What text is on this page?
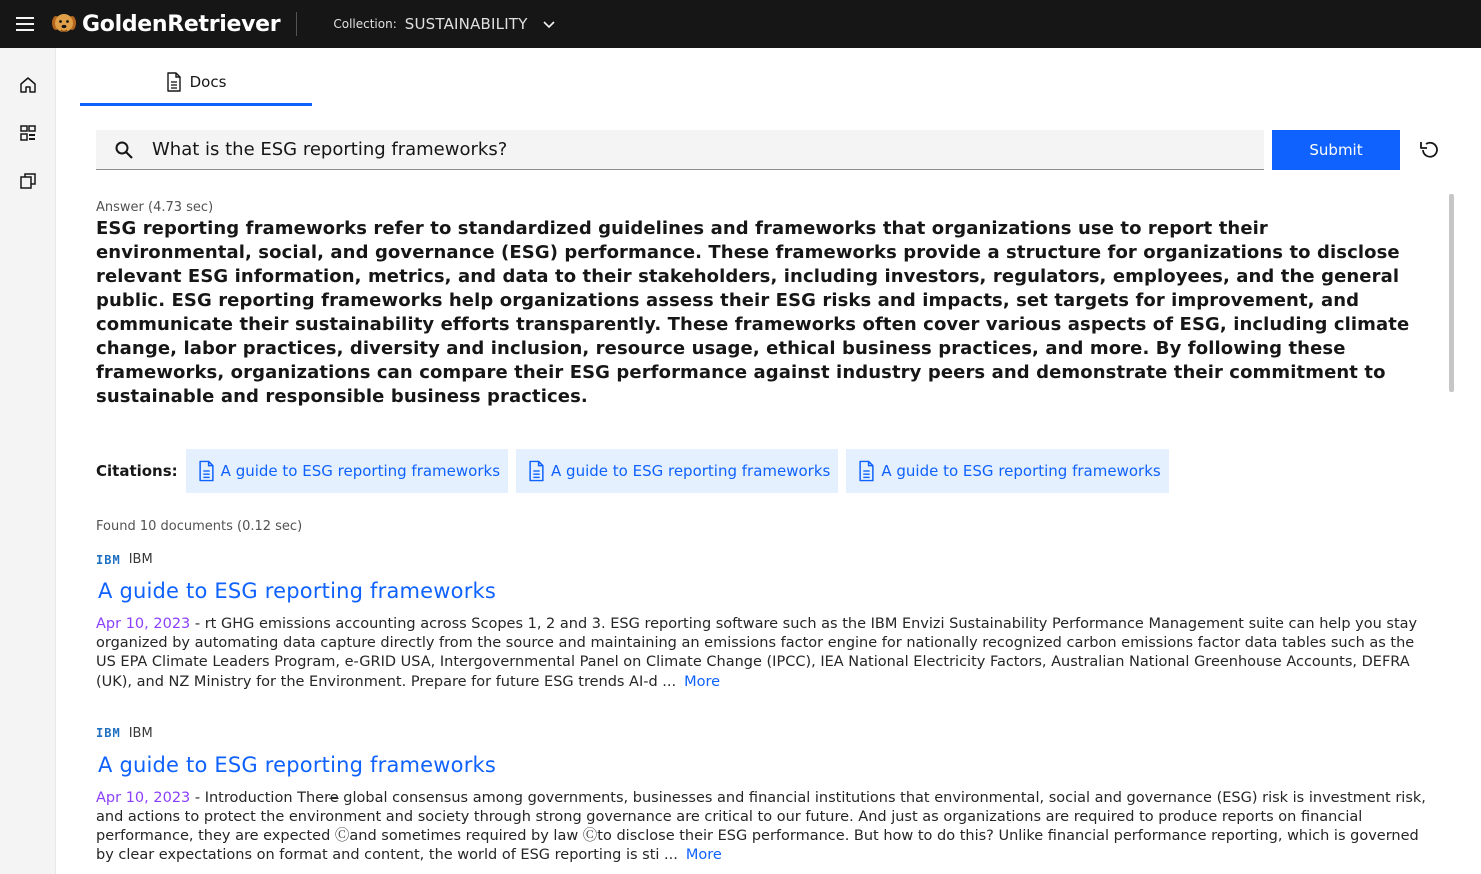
GoldenRetriever	Collection: SUSTAINABILITY
Docs
What is the ESG reporting frameworks?
Submit
Answer (4.73 sec)
ESG reporting frameworks refer to standardized guidelines and frameworks that organizations use to report their environmental, social, and governance (ESG) performance. These frameworks provide a structure for organizations to disclose relevant ESG information, metrics, and data to their stakeholders, including investors, regulators, employees, and the general public. ESG reporting frameworks help organizations assess their ESG risks and impacts, set targets for improvement, and communicate their sustainability efforts transparently. These frameworks often cover various aspects of ESG, including climate change, labor practices, diversity and inclusion, resource usage, ethical business practices, and more. By following these frameworks, organizations can compare their ESG performance against industry peers and demonstrate their commitment to sustainable and responsible business practices.
Citations:	A guide to ESG reporting frameworks	A guide to ESG reporting frameworks	A guide to ESG reporting frameworks
Found 10 documents (0.12 sec)
IBM IBM
A guide to ESG reporting frameworks
Apr 10, 2023 - rt GHG emissions accounting across Scopes 1, 2 and 3. ESG reporting software such as the IBM Envizi Sustainability Performance Management suite can help you stay organized by automating data capture directly from the source and maintaining an emissions factor engine for nationally recognized carbon emissions factor data tables such as the US EPA Climate Leaders Program, e-GRID USA, Intergovernmental Panel on Climate Change (IPCC), IEA National Electricity Factors, Australian National Greenhouse Accounts, DEFRA (UK), and NZ Ministry for the Environment. Prepare for future ESG trends AI-d ... More
IBM IBM
A guide to ESG reporting frameworks
Apr 10, 2023 - Introduction There̶ global consensus among governments, businesses and financial institutions that environmental, social and governance (ESG) risk is investment risk, and actions to protect the environment and society through strong governance are critical to our future. And just as organizations are required to produce reports on financial performance, they are expected Ⓒand sometimes required by law Ⓒto disclose their ESG performance. But how to do this? Unlike financial performance reporting, which is governed by clear expectations on format and content, the world of ESG reporting is sti ... More
